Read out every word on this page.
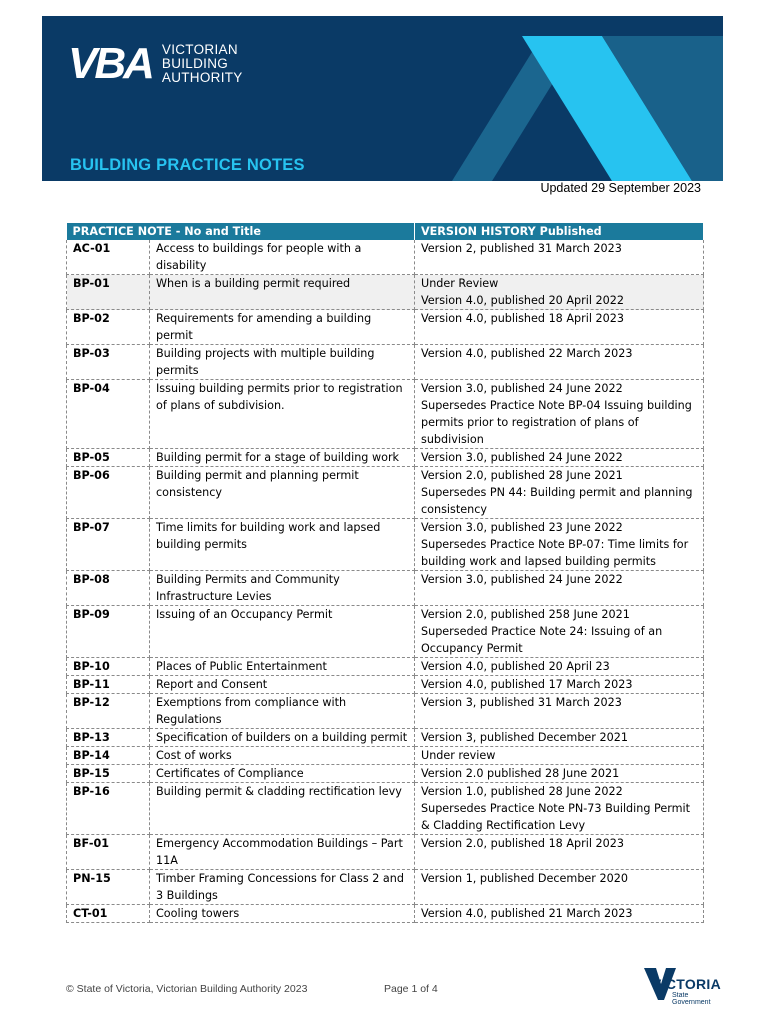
VBA VICTORIAN
BUILDING
AUTHORITY
BUILDING PRACTICE NOTES
Updated 29 September 2023
PRACTICE NOTE - No and Title		VERSION HISTORY Published
AC-01	Access to buildings for people with a disability	Version 2, published 31 March 2023
BP-01	When is a building permit required	Under Review
Version 4.0, published 20 April 2022
BP-02	Requirements for amending a building permit	Version 4.0, published 18 April 2023
BP-03	Building projects with multiple building permits	Version 4.0, published 22 March 2023
BP-04	Issuing building permits prior to registration of plans of subdivision.	Version 3.0, published 24 June 2022
Supersedes Practice Note BP-04 Issuing building permits prior to registration of plans of subdivision
BP-05	Building permit for a stage of building work	Version 3.0, published 24 June 2022
BP-06	Building permit and planning permit consistency	Version 2.0, published 28 June 2021
Supersedes PN 44: Building permit and planning consistency
BP-07	Time limits for building work and lapsed building permits	Version 3.0, published 23 June 2022
Supersedes Practice Note BP-07: Time limits for building work and lapsed building permits
BP-08	Building Permits and Community Infrastructure Levies	Version 3.0, published 24 June 2022
BP-09	Issuing of an Occupancy Permit	Version 2.0, published 258 June 2021
Superseded Practice Note 24: Issuing of an Occupancy Permit
BP-10	Places of Public Entertainment	Version 4.0, published 20 April 23
BP-11	Report and Consent	Version 4.0, published 17 March 2023
BP-12	Exemptions from compliance with Regulations	Version 3, published 31 March 2023
BP-13	Specification of builders on a building permit	Version 3, published December 2021
BP-14	Cost of works	Under review
BP-15	Certificates of Compliance	Version 2.0 published 28 June 2021
BP-16	Building permit & cladding rectification levy	Version 1.0, published 28 June 2022
Supersedes Practice Note PN-73 Building Permit & Cladding Rectification Levy
BF-01	Emergency Accommodation Buildings – Part 11A	Version 2.0, published 18 April 2023
PN-15	Timber Framing Concessions for Class 2 and 3 Buildings	Version 1, published December 2020
CT-01	Cooling towers	Version 4.0, published 21 March 2023
© State of Victoria, Victorian Building Authority 2023	Page 1 of 4	VICTORIA
State
Government
